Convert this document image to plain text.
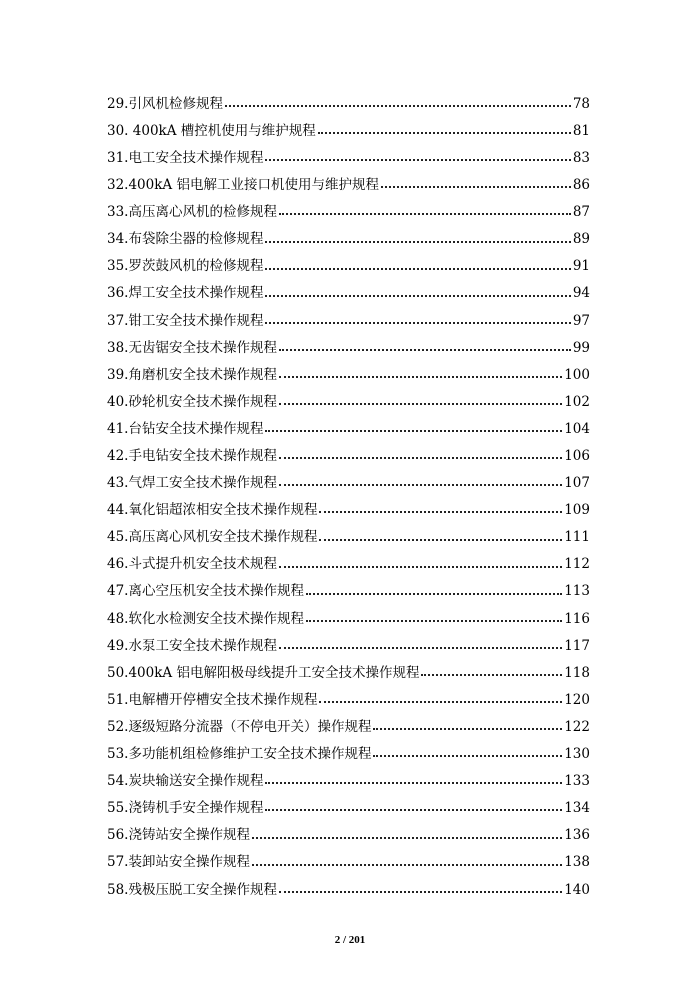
29.引风机检修规程	78
30. 400kA 槽控机使用与维护规程	81
31.电工安全技术操作规程	83
32.400kA 铝电解工业接口机使用与维护规程	86
33.高压离心风机的检修规程	87
34.布袋除尘器的检修规程	89
35.罗茨鼓风机的检修规程	91
36.焊工安全技术操作规程	94
37.钳工安全技术操作规程	97
38.无齿锯安全技术操作规程	99
39.角磨机安全技术操作规程	100
40.砂轮机安全技术操作规程	102
41.台钻安全技术操作规程	104
42.手电钻安全技术操作规程	106
43.气焊工安全技术操作规程	107
44.氧化铝超浓相安全技术操作规程	109
45.高压离心风机安全技术操作规程	111
46.斗式提升机安全技术规程	112
47.离心空压机安全技术操作规程	113
48.软化水检测安全技术操作规程	116
49.水泵工安全技术操作规程	117
50.400kA 铝电解阳极母线提升工安全技术操作规程	118
51.电解槽开停槽安全技术操作规程	120
52.逐级短路分流器（不停电开关）操作规程	122
53.多功能机组检修维护工安全技术操作规程	130
54.炭块输送安全操作规程	133
55.浇铸机手安全操作规程	134
56.浇铸站安全操作规程	136
57.装卸站安全操作规程	138
58.残极压脱工安全操作规程	140
2 / 201
